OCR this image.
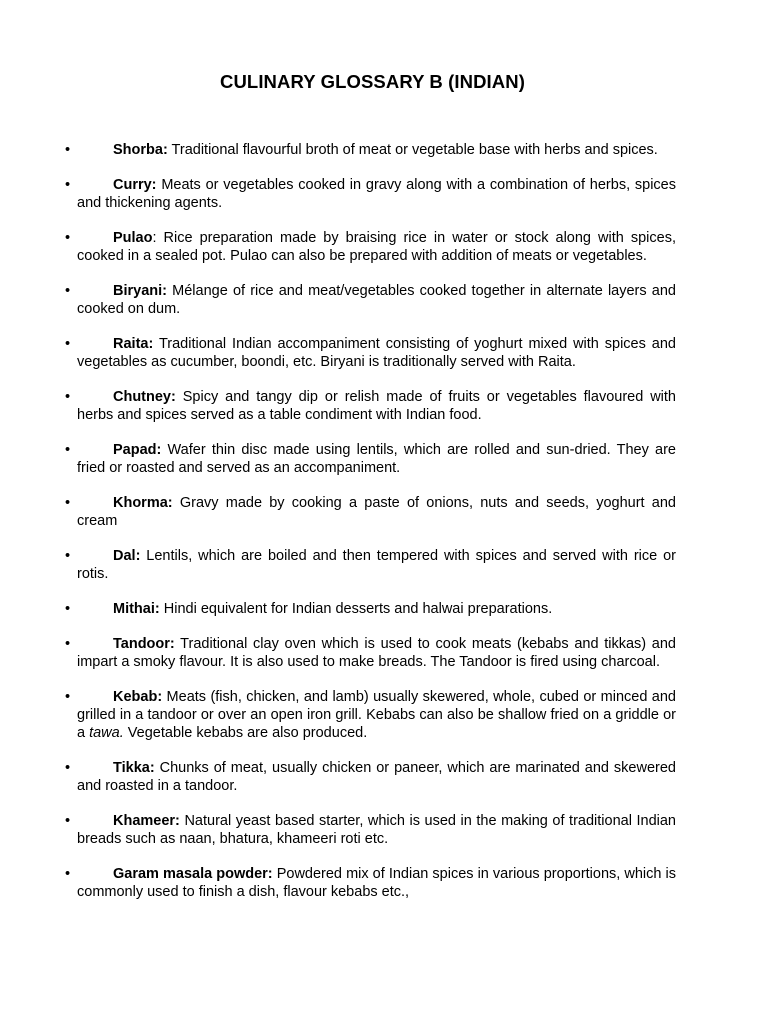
CULINARY GLOSSARY B (INDIAN)
•	Shorba: Traditional flavourful broth of meat or vegetable base with herbs and spices.

•	Curry: Meats or vegetables cooked in gravy along with a combination of herbs, spices and thickening agents.

•	Pulao: Rice preparation made by braising rice in water or stock along with spices, cooked in a sealed pot. Pulao can also be prepared with addition of meats or vegetables.

•	Biryani: Mélange of rice and meat/vegetables cooked together in alternate layers and cooked on dum.

•	Raita: Traditional Indian accompaniment consisting of yoghurt mixed with spices and vegetables as cucumber, boondi, etc. Biryani is traditionally served with Raita.

•	Chutney: Spicy and tangy dip or relish made of fruits or vegetables flavoured with herbs and spices served as a table condiment with Indian food.

•	Papad: Wafer thin disc made using lentils, which are rolled and sun-dried. They are fried or roasted and served as an accompaniment.

•	Khorma: Gravy made by cooking a paste of onions, nuts and seeds, yoghurt and cream

•	Dal: Lentils, which are boiled and then tempered with spices and served with rice or rotis.

•	Mithai: Hindi equivalent for Indian desserts and halwai preparations.

•	Tandoor: Traditional clay oven which is used to cook meats (kebabs and tikkas) and impart a smoky flavour. It is also used to make breads. The Tandoor is fired using charcoal.

•	Kebab: Meats (fish, chicken, and lamb) usually skewered, whole, cubed or minced and grilled in a tandoor or over an open iron grill. Kebabs can also be shallow fried on a griddle or a tawa. Vegetable kebabs are also produced.

•	Tikka: Chunks of meat, usually chicken or paneer, which are marinated and skewered and roasted in a tandoor.

•	Khameer: Natural yeast based starter, which is used in the making of traditional Indian breads such as naan, bhatura, khameeri roti etc.

•	Garam masala powder: Powdered mix of Indian spices in various proportions, which is commonly used to finish a dish, flavour kebabs etc.,
